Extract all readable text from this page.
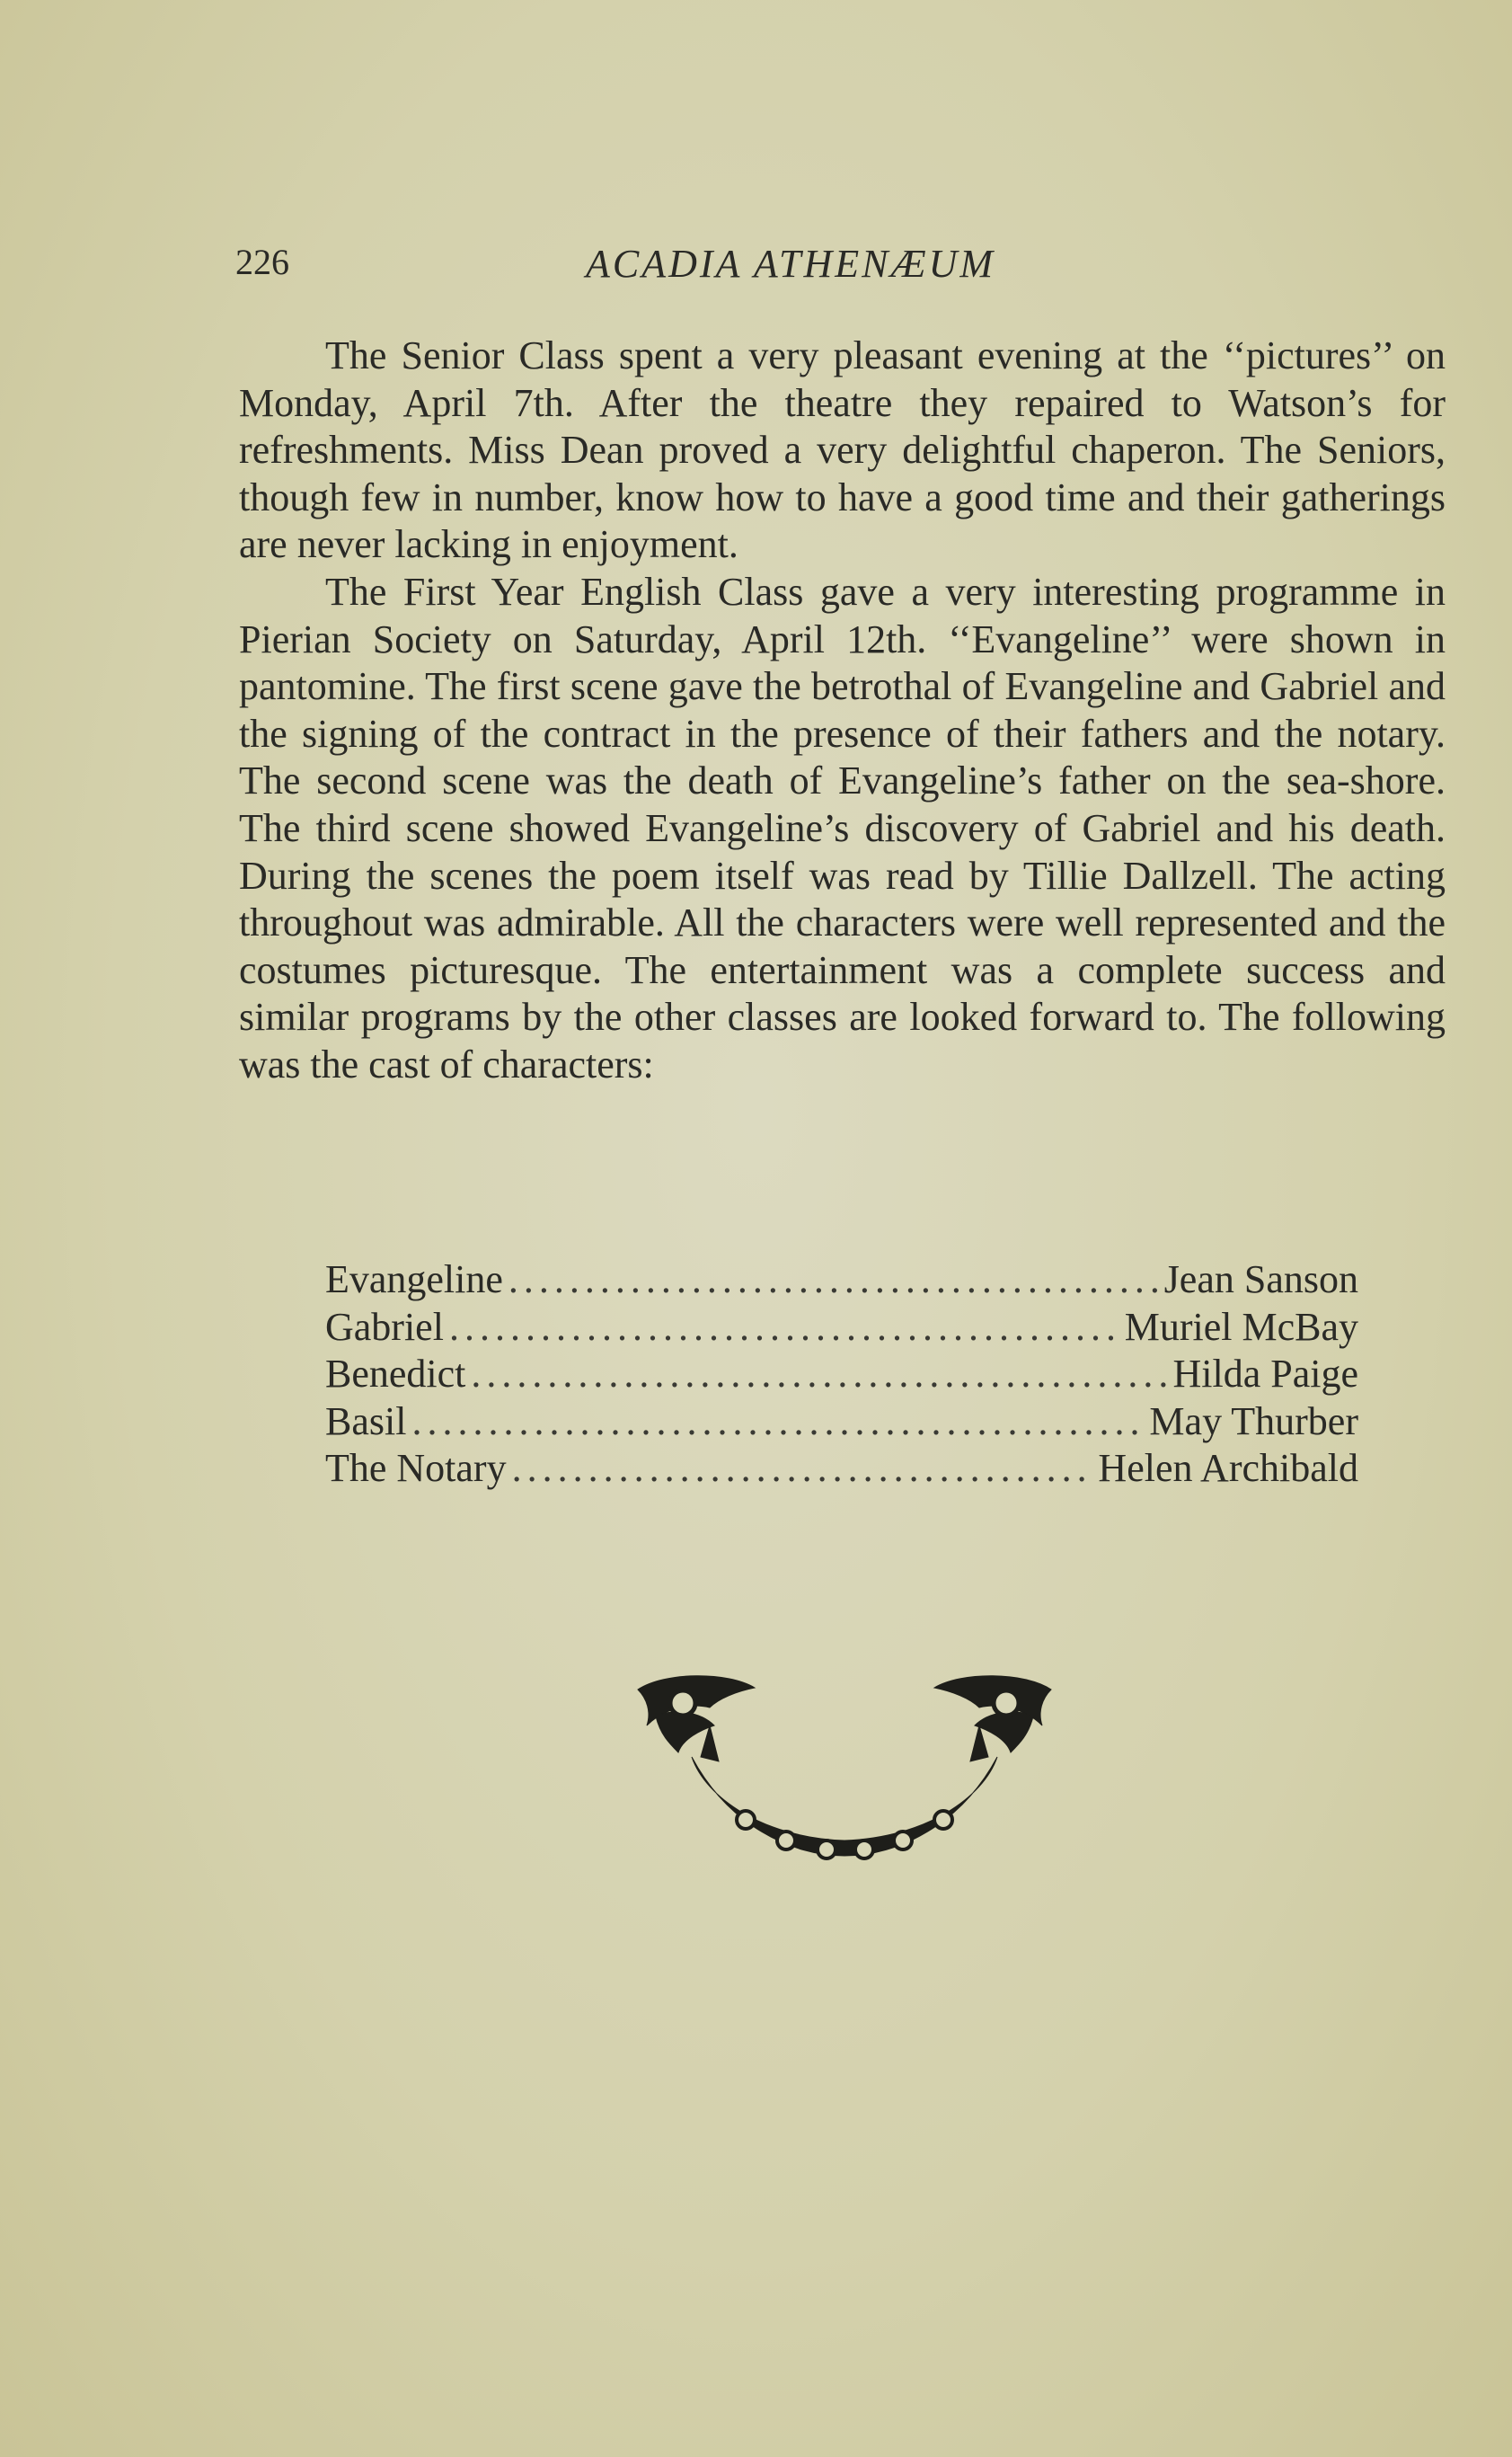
226	ACADIA ATHENÆUM

The Senior Class spent a very pleasant evening at the ‘‘pictures’’ on Monday, April 7th. After the theatre they repaired to Watson’s for refreshments. Miss Dean proved a very delightful chaperon. The Seniors, though few in number, know how to have a good time and their gatherings are never lacking in enjoyment.

The First Year English Class gave a very interesting programme in Pierian Society on Saturday, April 12th. ‘‘Evangeline’’ were shown in pantomine. The first scene gave the betrothal of Evangeline and Gabriel and the signing of the contract in the presence of their fathers and the notary. The second scene was the death of Evangeline’s father on the sea-shore. The third scene showed Evangeline’s discovery of Gabriel and his death. During the scenes the poem itself was read by Tillie Dallzell. The acting throughout was admirable. All the characters were well represented and the costumes picturesque. The entertainment was a complete success and similar programs by the other classes are looked forward to. The following was the cast of characters:

Evangeline .....	Jean Sanson
Gabriel .....	Muriel McBay
Benedict .....	Hilda Paige
Basil .....	May Thurber
The Notary .....	Helen Archibald
